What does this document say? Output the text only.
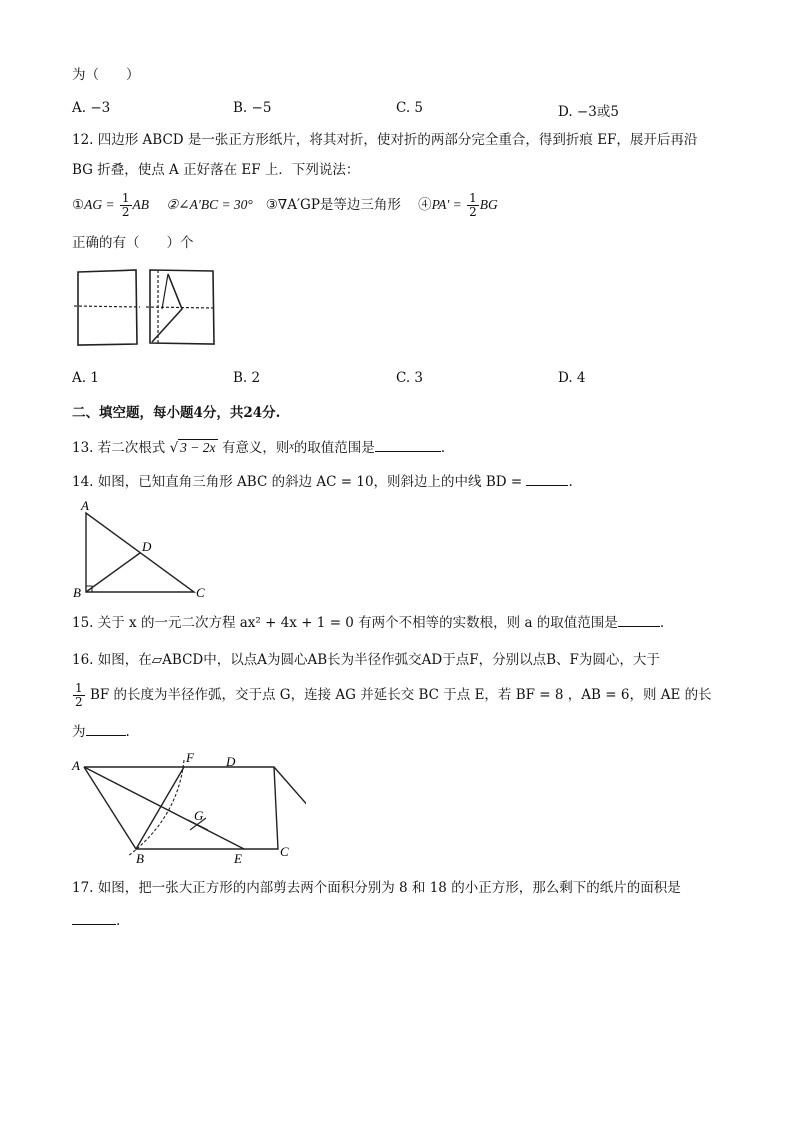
为（　　）
A. −3	B. −5	C. 5	D. −3或5
12. 四边形 ABCD 是一张正方形纸片，将其对折，使对折的两部分完全重合，得到折痕 EF，展开后再沿
BG 折叠，使点 A 正好落在 EF 上．下列说法：
①AG = $\frac{1}{2}$ AB ②∠A′BC = 30° ③∇A′GP是等边三角形 ④PA′ = $\frac{1}{2}$ BG
正确的有（　　）个
A. 1	B. 2	C. 3	D. 4
二、填空题，每小题4分，共24分.
13. 若二次根式 √ 3 − 2x 有意义，则$^x$的取值范围是	.
14. 如图，已知直角三角形 ABC 的斜边 AC = 10，则斜边上的中线 BD =	.
A
D
B	C
15. 关于 x 的一元二次方程 ax² + 4x + 1 = 0 有两个不相等的实数根，则 a 的取值范围是	.
16. 如图，在▱ABCD中，以点A为圆心AB长为半径作弧交AD于点F，分别以点B、F为圆心，大于
$\frac{1}{2}$ BF 的长度为半径作弧，交于点 G，连接 AG 并延长交 BC 于点 E，若 BF = 8 ，AB = 6，则 AE 的长
为	.
A
F D
G
B	E	C
17. 如图，把一张大正方形的内部剪去两个面积分别为 8 和 18 的小正方形，那么剩下的纸片的面积是
.
